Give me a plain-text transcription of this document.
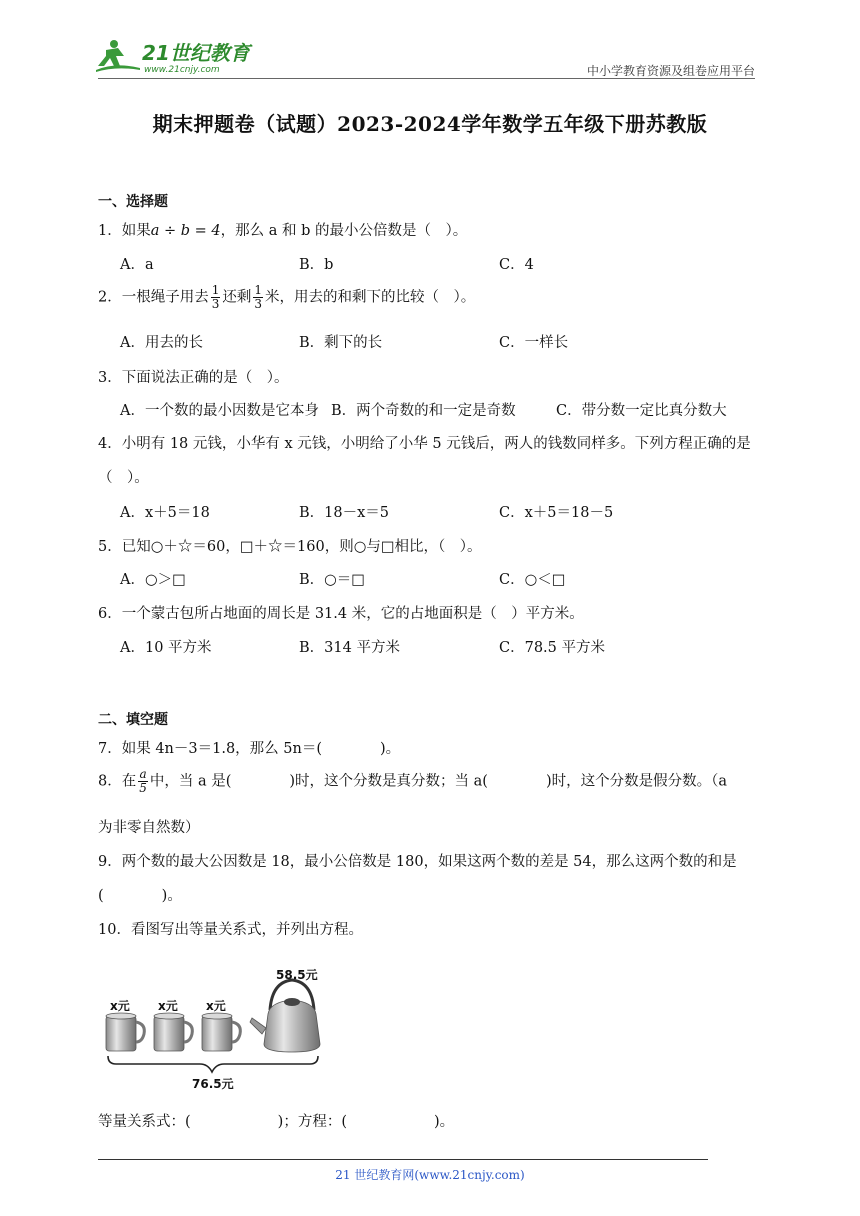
21世纪教育
www.21cnjy.com	中小学教育资源及组卷应用平台
期末押题卷（试题）2023-2024学年数学五年级下册苏教版
一、选择题
1．如果a ÷ b = 4，那么 a 和 b 的最小公倍数是（　）。
A．a	B．b	C．4
2．一根绳子用去 $\frac{1}{3}$ 还剩 $\frac{1}{3}$ 米，用去的和剩下的比较（　）。
A．用去的长	B．剩下的长	C．一样长
3．下面说法正确的是（　）。
A．一个数的最小因数是它本身 B．两个奇数的和一定是奇数	C．带分数一定比真分数大
4．小明有 18 元钱，小华有 x 元钱，小明给了小华 5 元钱后，两人的钱数同样多。下列方程正确的是
（　）。
A．x＋5＝18	B．18－x＝5	C．x＋5＝18－5
5．已知○＋☆＝60，□＋☆＝160，则○与□相比，（　）。
A．○＞□	B．○＝□	C．○＜□
6．一个蒙古包所占地面的周长是 31.4 米，它的占地面积是（　）平方米。
A．10 平方米	B．314 平方米	C．78.5 平方米
二、填空题
7．如果 4n－3＝1.8，那么 5n＝(　　　　)。
8．在 $\frac{a}{5}$ 中，当 a 是(　　　　)时，这个分数是真分数；当 a(　　　　)时，这个分数是假分数。（a
为非零自然数）
9．两个数的最大公因数是 18，最小公倍数是 180，如果这两个数的差是 54，那么这两个数的和是
(　　　　)。
10．看图写出等量关系式，并列出方程。
x元 x元 x元
58.5元
76.5元
等量关系式：(　　　　　　)；方程：(　　　　　　)。
21 世纪教育网(www.21cnjy.com)
